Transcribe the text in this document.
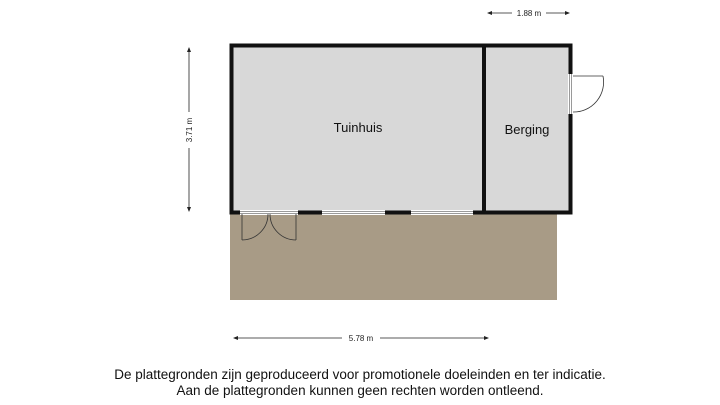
Tuinhuis	Berging
1.88 m
3.71 m
5.78 m
De plattegronden zijn geproduceerd voor promotionele doeleinden en ter indicatie.
Aan de plattegronden kunnen geen rechten worden ontleend.
